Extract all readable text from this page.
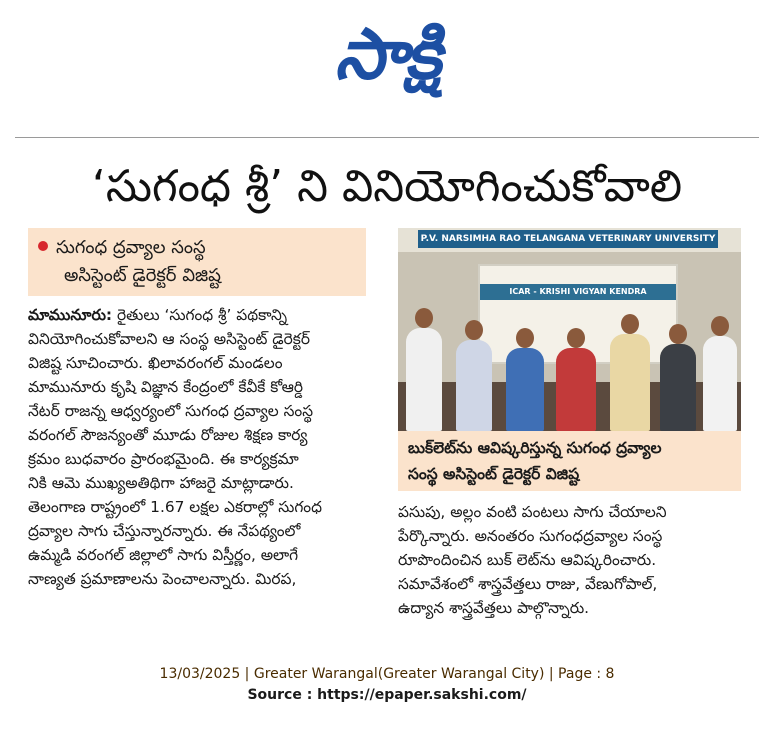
సాక్షి
‘సుగంధ శ్రీ’ ని వినియోగించుకోవాలి
సుగంధ ద్రవ్యాల సంస్థ
అసిస్టెంట్‌ డైరెక్టర్‌ విజిష్ట
మామునూరు: రైతులు ‘సుగంధ శ్రీ’ పథకాన్ని
వినియోగించుకోవాలని ఆ సంస్థ అసిస్టెంట్‌ డైరెక్టర్‌
విజిష్ట సూచించారు. ఖిలావరంగల్‌ మండలం
మామునూరు కృషి విజ్ఞాన కేంద్రంలో కేవీకే కోఆర్డి
నేటర్‌ రాజన్న ఆధ్వర్యంలో సుగంధ ద్రవ్యాల సంస్థ
వరంగల్‌ సౌజన్యంతో మూడు రోజుల శిక్షణ కార్య
క్రమం బుధవారం ప్రారంభమైంది. ఈ కార్యక్రమా
నికి ఆమె ముఖ్యఅతిథిగా హాజరై మాట్లాడారు.
తెలంగాణ రాష్ట్రంలో 1.67 లక్షల ఎకరాల్లో సుగంధ
ద్రవ్యాల సాగు చేస్తున్నారన్నారు. ఈ నేపథ్యంలో
ఉమ్మడి వరంగల్‌ జిల్లాలో సాగు విస్తీర్ణం, అలాగే
నాణ్యత ప్రమాణాలను పెంచాలన్నారు. మిరప,
P.V. NARSIMHA RAO TELANGANA VETERINARY UNIVERSITY
ICAR - KRISHI VIGYAN KENDRA
బుక్‌లెట్‌ను ఆవిష్కరిస్తున్న సుగంధ ద్రవ్యాల
సంస్థ అసిస్టెంట్‌ డైరెక్టర్‌ విజిష్ట
పసుపు, అల్లం వంటి పంటలు సాగు చేయాలని
పేర్కొన్నారు. అనంతరం సుగంధద్రవ్యాల సంస్థ
రూపొందించిన బుక్‌ లెట్‌ను ఆవిష్కరించారు.
సమావేశంలో శాస్త్రవేత్తలు రాజు, వేణుగోపాల్‌,
ఉద్యాన శాస్త్రవేత్తలు పాల్గొన్నారు.
13/03/2025 | Greater Warangal(Greater Warangal City) | Page : 8
Source : https://epaper.sakshi.com/
